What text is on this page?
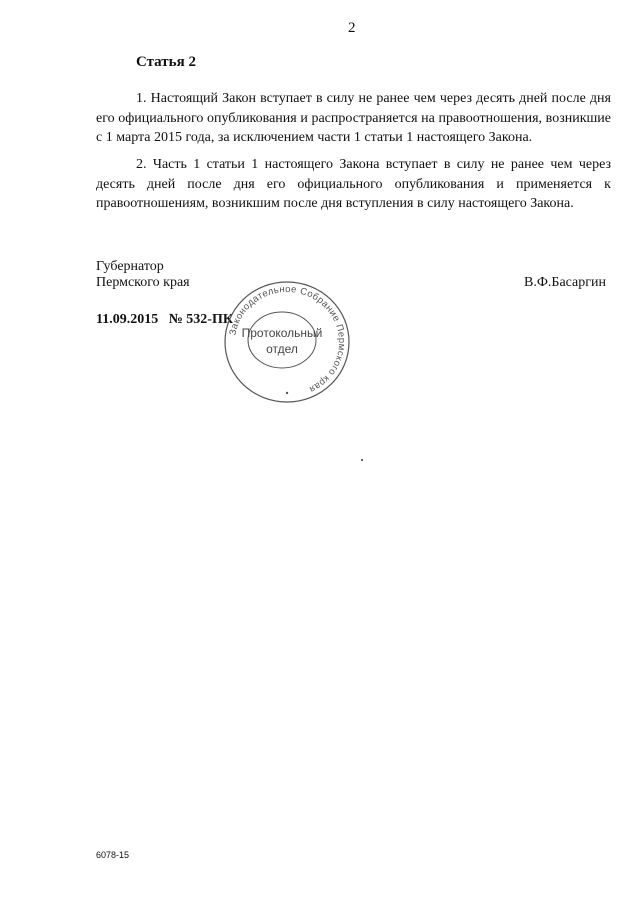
2
Статья 2
1. Настоящий Закон вступает в силу не ранее чем через десять дней после дня его официального опубликования и распространяется на правоотношения, возникшие с 1 марта 2015 года, за исключением части 1 статьи 1 настоящего Закона.
2. Часть 1 статьи 1 настоящего Закона вступает в силу не ранее чем через десять дней после дня его официального опубликования и применяется к правоотношениям, возникшим после дня вступления в силу настоящего Закона.
Губернатор
Пермского края	В.Ф.Басаргин
11.09.2015 № 532-ПК
Законодательное Собрание Пермского края
Протокольный
отдел
6078-15
